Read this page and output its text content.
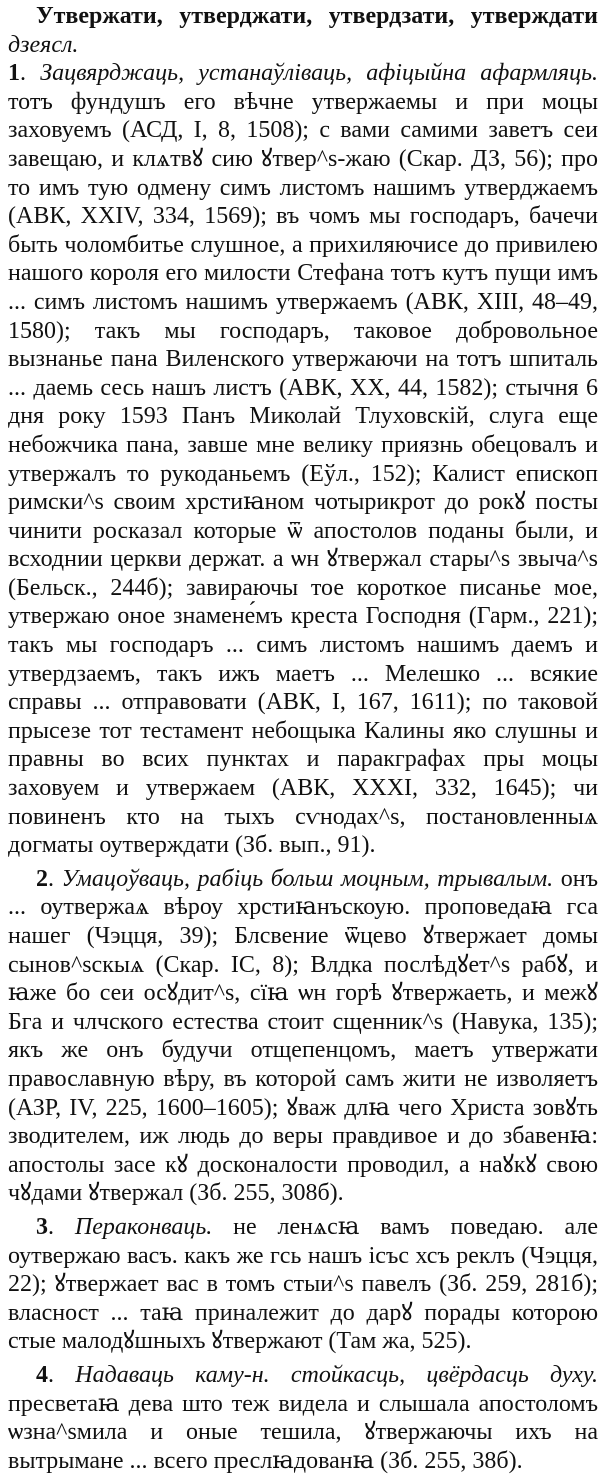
Утвержати, утверджати, утвердзати, утверждати дзеясл.
1. Зацвярджаць, устанаўліваць, афіцыйна афармляць. тотъ фундушъ его вѣчне утвержаемы и при моцы заховуемъ (АСД, I, 8, 1508); с вами самими заветъ сеи завещаю, и клѧтвꙋ сию ꙋтвер^s-жаю (Скар. ДЗ, 56); про то имъ тую одмену симъ листомъ нашимъ утверджаемъ (АВК, XXIV, 334, 1569); въ чомъ мы господаръ, бачечи быть чоломбитье слушное, а прихиляючисе до привилею нашого короля его милости Стефана тотъ кутъ пущи имъ ... симъ листомъ нашимъ утвержаемъ (АВК, XIII, 48–49, 1580); такъ мы господаръ, таковое добровольное вызнанье пана Виленского утвержаючи на тотъ шпиталь ... даемь сесь нашъ листъ (АВК, XX, 44, 1582); стычня 6 дня року 1593 Панъ Миколай Тлуховскій, слуга еще небожчика пана, завше мне велику приязнь обецовалъ и утвержалъ то рукоданьемъ (Еўл., 152); Калист епископ римски^s своим хрстиꙗном чотырикрот до рокꙋ посты чинити росказал которые ѿ апостолов поданы были, и всходнии церкви держат. а ѡн ꙋтвержал стары^s звыча^s (Бельск., 244б); завираючы тое короткое писанье мое, утвержаю оное знамене́мъ креста Господня (Гарм., 221); такъ мы господаръ ... симъ листомъ нашимъ даемъ и утвердзаемъ, такъ ижъ маетъ ... Мелешко ... всякие справы ... отправовати (АВК, I, 167, 1611); по таковой прысезе тот тестамент небощыка Калины яко слушны и правны во всих пунктах и паракграфах пры моцы заховуем и утвержаем (АВК, XXXI, 332, 1645); чи повиненъ кто на тыхъ сѵнодах^s, постановленныѧ догматы оутверждати (Зб. вып., 91).

2. Умацоўваць, рабіць больш моцным, трывалым. онъ ... оутвержаѧ вѣроу хрстиꙗнъскоую. проповедаꙗ гса нашег (Чэцця, 39); Блсвение ѿцево ꙋтвержает домы сынов^sскыѧ (Скар. ІС, 8); Влдка послѣдꙋет^s рабꙋ, и ꙗже бо сеи осꙋдит^s, сїꙗ ѡн горѣ ꙋтвержаеть, и межꙋ Бга и члчского естества стоит сщенник^s (Навука, 135); якъ же онъ будучи отщепенцомъ, маетъ утвержати православную вѣру, въ которой самъ жити не изволяетъ (АЗР, IV, 225, 1600–1605); ꙋваж длꙗ чего Христа зовꙋть зводителем, иж людь до веры правдивое и до збавенꙗ: апостолы засе кꙋ досконалости проводил, а наꙋкꙋ свою чꙋдами ꙋтвержал (Зб. 255, 308б).

3. Пераконваць. не ленѧсꙗ вамъ поведаю. але оутвержаю васъ. какъ же гсь нашъ ісъс хсъ реклъ (Чэцця, 22); ꙋтвержает вас в томъ стыи^s павелъ (Зб. 259, 281б); власност ... таꙗ приналежит до дарꙋ порады которою стые малодꙋшныхъ ꙋтвержают (Там жа, 525).

4. Надаваць каму-н. стойкасць, цвёрдасць духу. пресветаꙗ дева што теж видела и слышала апостоломъ ѡзна^sмила и оные тешила, ꙋтвержаючы ихъ на вытрымане ... всего преслꙗдованꙗ (Зб. 255, 38б).
